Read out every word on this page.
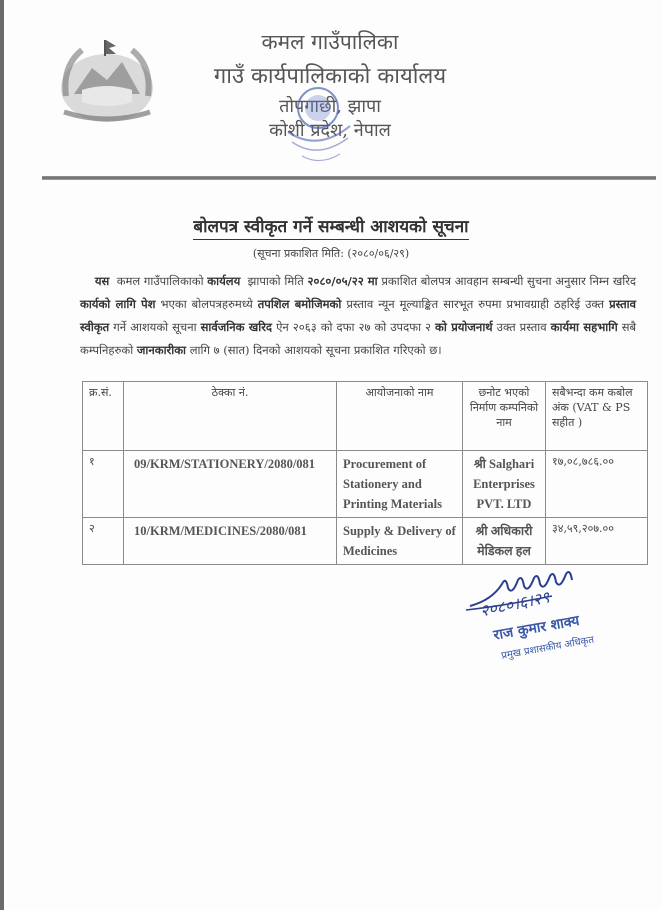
कमल गाउँपालिका
गाउँ कार्यपालिकाको कार्यालय
तोपगाछी, झापा
कोशी प्रदेश, नेपाल
बोलपत्र स्वीकृत गर्ने सम्बन्धी आशयको सूचना
(सूचना प्रकाशित मिति: (२०८०/०६/२९)
यस कमल गाउँपालिकाको कार्यलय झापाको मिति २०८०/०५/२२ मा प्रकाशित बोलपत्र आवहान सम्बन्धी सुचना अनुसार निम्न खरिद कार्यको लागि पेश भएका बोलपत्रहरुमध्ये तपशिल बमोजिमको प्रस्ताव न्यून मूल्याङ्कित सारभूत रुपमा प्रभावग्राही ठहरिई उक्त प्रस्ताव स्वीकृत गर्ने आशयको सूचना सार्वजनिक खरिद ऐन २०६३ को दफा २७ को उपदफा २ को प्रयोजनार्थ उक्त प्रस्ताव कार्यमा सहभागि सबै कम्पनिहरुको जानकारीका लागि ७ (सात) दिनको आशयको सूचना प्रकाशित गरिएको छ।
क्र.सं.	ठेक्का नं.	आयोजनाको नाम	छनोट भएको निर्माण कम्पनिको नाम	सबैभन्दा कम कबोल अंक (VAT & PS सहीत )
१	09/KRM/STATIONERY/2080/081	Procurement of Stationery and Printing Materials	श्री Salghari Enterprises PVT. LTD	१७,०८,७८६.००
२	10/KRM/MEDICINES/2080/081	Supply & Delivery of Medicines	श्री अधिकारी मेडिकल हल	३४,५९,२०७.००
२०८०।६।२९
राज कुमार शाक्य
प्रमुख प्रशासकीय अधिकृत
